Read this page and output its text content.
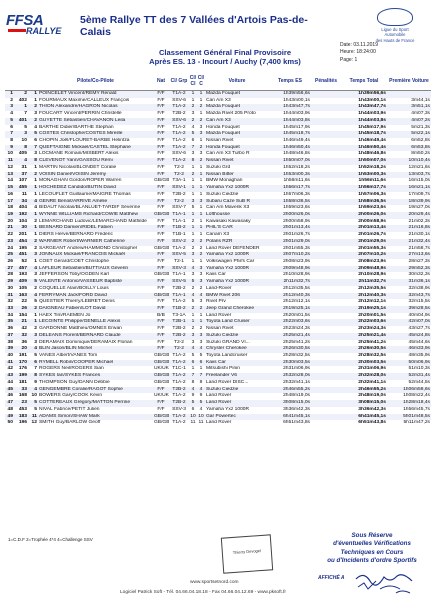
FFSA
RALLYE
5ème Rallye TT des 7 Vallées d'Artois Pas-de-Calais	Ligue du Sport
Automobile
des Hauts de France
Date: 03.11.2019
Heure: 18:24:00
Page: 1
Classement Général Final Provisoire
Après ES. 13 - Incourt / Auchy (7,400 kms)
			Pilote/Co-Pilote	Nat	Cl/ Grp	Cl/ Cl	Cl/ C	Voiture	Temps ES	Pénalités	Temps Total	Première Voiture
1	2	1	POINCELET Vincent/REMY Renald	F/F	T1A-2	1	1	Mazda Fouquet	1h39m56,6s		1h39m56,6s	
2	402	1	FOURMAUX Maxime/CALLEUX François	F/F	SSV-6	1	1	Can Am X3	1h43m00,1s		1h43m00,1s	3m44,1s
3	1	2	THION Alexandre/HAGRON Nicolas	F/F	T1A-2	2	2	Mazda Fouquet	1h43m47,7s		1h43m47,7s	3m51,1s
4	7	3	FOUCART Vincent/PERRIN Christelle	F/F	T2B-2	3	1	Mazda Rivet 205 Proto	1h44m03,9s		1h44m03,9s	4m07,3s
5	401	2	GUYETTE Sébastien/CHAVANON Leila	F/F	SSV-6	2	2	Can Am X3	1h44m03,8s		1h44m03,8s	4m07,2s
6	5	4	BARTHE Didier/BARTHE Stephan	F/F	T1A-2	4	3	Honda Fouquet	1h45m17,9s		1h45m17,9s	5m21,3s
7	3	5	COSTES Christophe/COSTES Mireille	F/F	T1A-2	5	3	Mazda Fouquet	1h45m18,7s		1h45m18,7s	5m22,1s
8	10	6	CHOPIN Joël/FLOURET-BARBE Helintza	F/F	T1A-2	6	1	Nissan Rivet	1h46m49,4s		1h46m49,4s	6m52,8s
9	8	7	QUEFTAIGNE Mickael/CASTEL Stéphane	F/F	T1A-2	7	2	Honda Fouquet	1h46m50,4s		1h46m50,4s	6m53,8s
10	405	3	LOCMANE Romain/MISBERT Alexis	F/F	SSV-6	3	3	Can Am X3 Turbo R	1h48m46,8s		1h48m46,8s	8m50,2s
11	4	8	CLEVENOT Yann/GASSOU Rémi	F/F	T1A-2	8	2	Nissan Rivet	1h50m07,0s		1h50m07,0s	10m10,4s
12	31	1	MARTIN Nicolas/BLONDET Coralie	F/F	T2-2	1	1	Suzuki Grd	1h52m18,2s		1h52m18,2s	12m21,6s
13	37	2	VOISIN Daniel/VOISIN Jérémy	F/F	T2-2	2	1	Nissan Bitter	1h53m00,3s		1h53m00,3s	13m03,7s
14	107	1	MONAGHAN Gordon/ROPER Warren	GB/GB	T3A-1	1	1	BMW Monaghan	1h56m11,6s		1h56m11,6s	16m15,0s
15	455	1	HOCHEDEZ Candido/BUTIN David	F/F	SSV-1	1	1	Yamaha Yxz 1000R	1h56m17,7s		1h56m17,7s	16m21,1s
16	11	1	LECOUFLET Guillaume/MAIGRE Thomas	F/F	T2B-2	1	1	Suzuki Ciedzie	1h57m06,3s		1h57m06,3s	17m09,7s
17	34	4	GENRE Benoit/ARRIVE Amélie	F/F	T2-2	3	3	Subaru Caze SuB R	1h58m36,5s		1h58m36,5s	18m39,9s
18	404	4	BIDAUT Nicolas/BLANLUET-TARDIF Séverine	F/F	SSV-7	5	1	Can Am Maverik X3	1h59m23,6s		1h59m23,6s	19m27,0s
19	192	1	WYNNE WILLIAMS Richard/COWIE Matthew	GB/GB	T1A-1	1	1	Lofthousse	2h00m26,0s		2h00m26,0s	20m29,4s
20	104	2	LEMARCHAND Ludovic/LEMARCHAND Mathilde	F/F	T1A-1	2	1	Kawasaki Kawasaky	2h00m58,9s		2h00m58,9s	21m02,3s
21	30	1	BESNARD Damien/RIDEL Fabien	F/F	T1B-2	1	1	PHIL'S CAR	2h01m13,4s		2h01m13,4s	21m16,8s
22	201	1	DIERS Hervé/BERNARD Frédéric	F/F	T1B-1	1	1	Canam X3	2h01m26,7s		2h01m26,7s	21m30,1s
23	454	2	WARNIER Robert/WARNIER Catherine	F/F	SSV-2	2	2	Polaris RZR	2h01m29,0s		2h01m29,0s	21m32,4s
24	195	2	SARGEANT Andrew/HAMMOND Christopher	GB/GB	T1A-2	2	2	Land Rover DEFENDER	2h01m55,3s		2h01m55,3s	21m58,7s
25	451	3	JONNAUX Mickael/FRANCOIS Mickaël	F/F	SSV-5	3	2	Yamaha Yxz 1000R	2h07m10,2s		2h07m10,2s	27m13,6s
26	52	1	COET Gérard/COET Christophe	F/F	T2-1	1	1	Volkswagen Phil's Car	2h08m23,9s		2h08m23,9s	28m27,3s
27	457	4	LAFLEUR Sebastien/BUTTIAUX Geverin	F/F	SSV-3	4	3	Yamaha Yxz 1000R	2h09m48,9s		2h09m48,9s	29m52,3s
28	193	3	JEFFERSON Toby/OGDEN Karl	GB/GB	T1A-1	3	3	Kaiis Car	2h10m28,9s		2h10m28,9s	30m32,3s
29	409	5	VALENTE Antonio/VASSEUR Baptiste	F/F	SSV-5	5	3	Yamaha Yxz 1000R	2h11m32,7s		2h11m32,7s	31m36,1s
30	105	2	COQUELLE Alain/BOILLY Louis	F/F	T2B-2	2	2	Land-Rover	2h12m35,5s		2h12m35,5s	32m38,9s
31	163	4	FERRYMAN Jack/FORD David	GB/GB	T1A-1	4	4	BMW Rivet 206	2h12m40,3s		2h12m40,3s	32m43,7s
32	22	5	QUESTIER Thierry/LEBRET Denis	F/F	T1A-2	5	3	Rivet Prv	2h12m12,1s		2h12m12,1s	32m15,5s
33	26	2	DAIGNEAU Fabien/LOT David	F/F	T1B-2	2	2	Jeep Grand Cherokee	2h19m25,1s		2h19m25,1s	39m28,5s
34	154	1	HAEX Tim/RAEMEN Jo	B/B	T3-1A	1	1	Land Rover	2h20m01,5s		2h20m01,5s	40m04,9s
35	21	1	LECOINTE Philippe/GENELLE Alexis	F/F	T2B-1	1	1	Toyota Land Cruiser	2h22m03,6s		2h22m03,6s	42m07,0s
36	42	2	GARDONNE Matthieu/OMNES Erwan	F/F	T2B-2	2	2	Nissan Rivet	2h23m24,3s		2h23m24,3s	43m27,7s
37	32	3	DELEANS Florent/BERNARD Claude	F/F	T2B-2	3	3	Suzuki Ciedzie	2h25m21,4s		2h25m21,4s	45m24,8s
38	36	3	DERAMAIX Dominique/DERAMAIX Florian	F/F	T2-2	3	3	Suzuki GRAND VI...	2h25m41,2s		2h25m41,2s	45m44,6s
39	20	4	BLIN Jason/BLIN Michel	F/F	T2-2	4	4	Chrysler Cherokee	2h26m30,5s		2h26m30,5s	46m33,9s
40	191	5	VANES Albert/VANES Tom	GB/GB	T1A-2	5	5	Toyota Landcruiser	2h28m32,5s		2h28m32,5s	48m35,9s
41	170	6	RYMELL Robin/COOPER Michael	GB/GB	T1A-2	6	6	Kaiis Car	2h30m03,5s		2h30m03,5s	50m06,9s
42	176	7	ROGERS Neil/ROGERS Sian	UK/UK	T1C-1	1	1	Mitsubishi Pinin	2h31m06,9s		2h31m06,9s	51m10,3s
43	199	8	SYKES Ian/SYKES Frances	GB/GB	T1A-2	7	7	Freelander V6	2h32m28,0s		2h32m28,0s	52m31,4s
44	181	9	THOMPSON Guy/DANN Debbie	GB/GB	T1A-2	8	8	Land Rover DISC...	2h32m41,1s		2h32m41,1s	52m44,5s
45	33	4	GENGEMBRE Coralie/RAGOT Sophie	F/F	T2B-2	4	4	Suzuki Ciedzie	2h46m55,2s		2h46m55,2s	1h06m58,6s
46	168	10	BOWERS Gary/COOK Kevin	UK/UK	T1A-2	9	9	Land Rover	2h48m19,0s		2h48m19,0s	1h08m22,4s
47	23	5	COTTEREAUX Grégory/MATTON Perrine	F/F	T2B-2	5	5	Land Rover	3h08m15,0s		3h08m15,0s	1h28m18,4s
48	453	5	NIVAL Fabrice/PETIT Julien	F/F	SSV-3	6	4	Yamaha Yxz 1000R	3h36m42,3s		3h36m42,3s	1h56m45,7s
49	183	11	ADAMS Simon/SHAW Mark	GB/GB	T1A-2	10	10	Gar Powertec	6h41m45,1s		6h41m45,1s	5h01m48,5s
50	196	12	SMITH Guy/BARLOW Geoff	GB/GB	T1A-2	11	11	Land Rover	6h51m43,8s		6h51m43,8s	5h11m47,2s
1=C.D.F 2=Trophée 4*4 4=Challenge SSV
Thierry Devogel
Sous Réserve
d'éventuelles Vérifications
Techniques en Cours
ou d'Incidents d'ordre Sportifs
AFFICHÉ A
www.sportsetnord.com
Logiciel Patrick Soft - Tél. 04.66.04.18.18 - Fax 04.66.04.12.69 - www.pksoft.fr
